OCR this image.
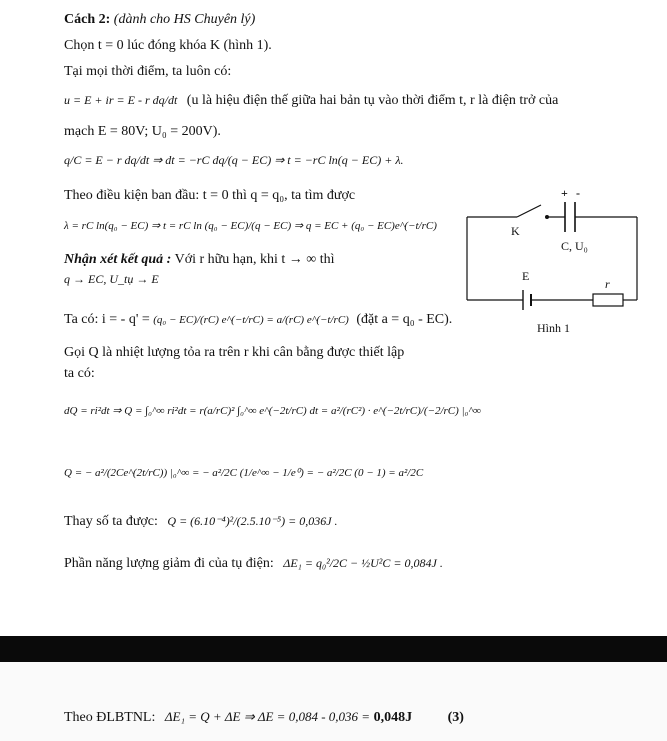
Cách 2: (dành cho HS Chuyên lý)
Chọn t = 0 lúc đóng khóa K (hình 1).
Tại mọi thời điểm, ta luôn có:
u = E + ir = E - r dq/dt (u là hiệu điện thế giữa hai bản tụ vào thời điểm t, r là điện trở của
mạch E = 80V; U₀ = 200V).
q/C = E − r dq/dt ⇒ dt = −rC dq/(q − EC) ⇒ t = −rC ln(q − EC) + λ.
Theo điều kiện ban đầu: t = 0 thì q = q₀, ta tìm được
λ = rC ln(q₀ − EC) ⇒ t = rC ln (q₀ − EC)/(q − EC) ⇒ q = EC + (q₀ − EC)e^(−t/rC)
Nhận xét kết quả : Với r hữu hạn, khi t → ∞ thì
q → EC, U_tụ → E
Ta có: i = - q' = (q₀ − EC)/(rC) e^(−t/rC) = a/(rC) e^(−t/rC) (đặt a = q₀ - EC).
Gọi Q là nhiệt lượng tỏa ra trên r khi cân bằng được thiết lập
ta có:
dQ = ri²dt ⇒ Q = ∫₀^∞ ri²dt = r(a/rC)² ∫₀^∞ e^(−2t/rC) dt = a²/(rC²) · e^(−2t/rC)/(−2/rC) |₀^∞
Q = − a²/(2Ce^(2t/rC)) |₀^∞ = − a²/2C (1/e^∞ − 1/e⁰) = − a²/2C (0 − 1) = a²/2C
Thay số ta được: Q = (6.10⁻⁴)²/(2.5.10⁻⁵) = 0,036J .
Phần năng lượng giảm đi của tụ điện: ΔE₁ = q₀²/2C − ½U²C = 0,084J .
+ -
K
C, U₀
E
r
Hình 1
Theo ĐLBTNL: ΔE₁ = Q + ΔE ⇒ ΔE = 0,084 - 0,036 = 0,048J	(3)
